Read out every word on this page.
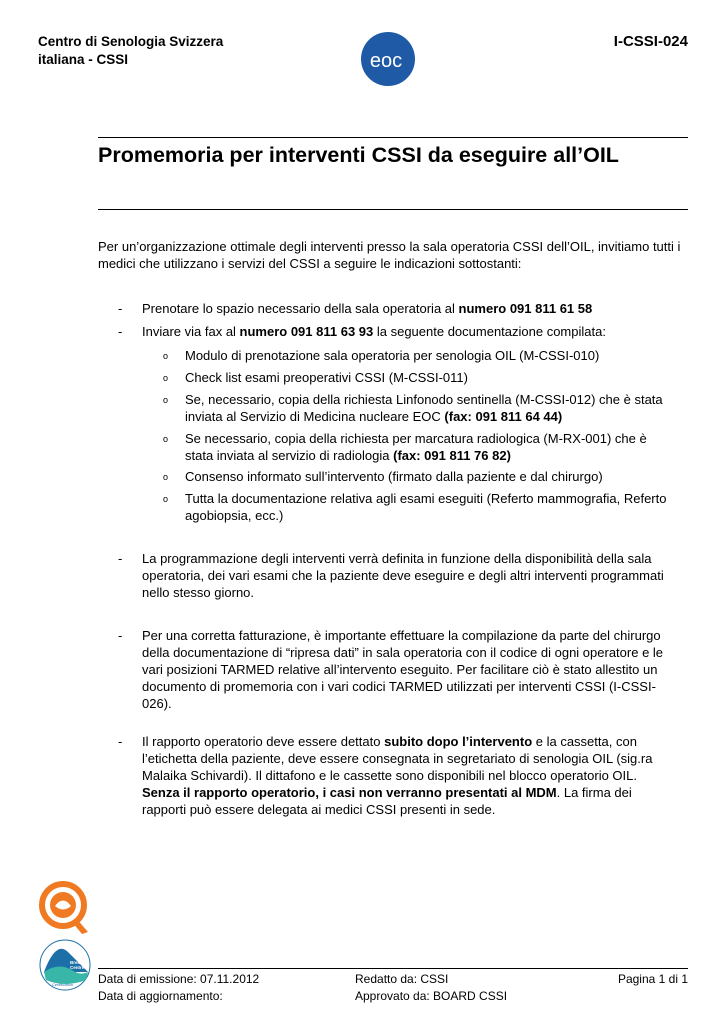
Centro di Senologia Svizzera
italiana - CSSI	eoc
I-CSSI-024
Promemoria per interventi CSSI da eseguire all’OIL
Per un’organizzazione ottimale degli interventi presso la sala operatoria CSSI dell’OIL, invitiamo tutti i medici che utilizzano i servizi del CSSI a seguire le indicazioni sottostanti:
-	Prenotare lo spazio necessario della sala operatoria al numero 091 811 61 58
-	Inviare via fax al numero 091 811 63 93 la seguente documentazione compilata:
o Modulo di prenotazione sala operatoria per senologia OIL (M-CSSI-010)
o Check list esami preoperativi CSSI (M-CSSI-011)
o Se, necessario, copia della richiesta Linfonodo sentinella (M-CSSI-012) che è stata
inviata al Servizio di Medicina nucleare EOC (fax: 091 811 64 44)
o Se necessario, copia della richiesta per marcatura radiologica (M-RX-001) che è
stata inviata al servizio di radiologia (fax: 091 811 76 82)
o Consenso informato sull’intervento (firmato dalla paziente e dal chirurgo)
o Tutta la documentazione relativa agli esami eseguiti (Referto mammografia, Referto
agobiopsia, ecc.)
-	La programmazione degli interventi verrà definita in funzione della disponibilità della sala
operatoria, dei vari esami che la paziente deve eseguire e degli altri interventi programmati
nello stesso giorno.
-	Per una corretta fatturazione, è importante effettuare la compilazione da parte del chirurgo
della documentazione di “ripresa dati” in sala operatoria con il codice di ogni operatore e le
vari posizioni TARMED relative all’intervento eseguito. Per facilitare ciò è stato allestito un
documento di promemoria con i vari codici TARMED utilizzati per interventi CSSI (I-CSSI-
026).
-	Il rapporto operatorio deve essere dettato subito dopo l’intervento e la cassetta, con
l’etichetta della paziente, deve essere consegnata in segretariato di senologia OIL (sig.ra
Malaika Schivardi). Il dittafono e le cassette sono disponibili nel blocco operatorio OIL.
Senza il rapporto operatorio, i casi non verranno presentati al MDM. La firma dei
rapporti può essere delegata ai medici CSSI presenti in sede.
Breast
Centres
Certification Data di emissione: 07.11.2012
Data di aggiornamento:
Redatto da: CSSI
Approvato da: BOARD CSSI
Pagina 1 di 1
